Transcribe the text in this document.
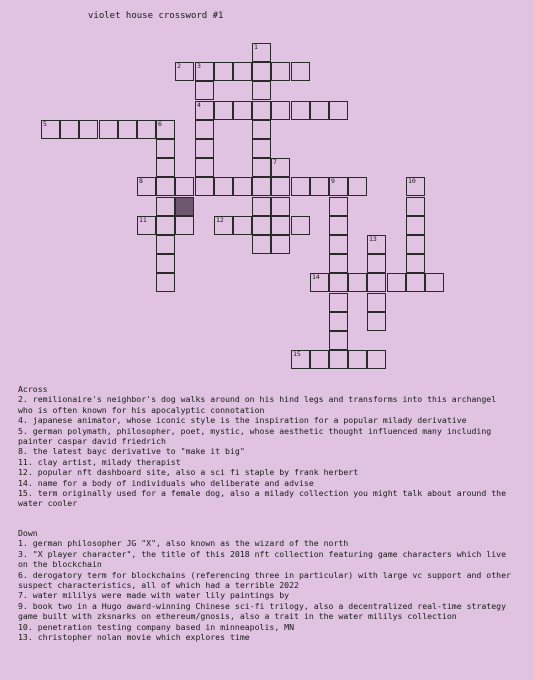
violet house crossword #1
1
2 3
4
5	6
7
8	9	10
11	12
13
14
15
Across
2. remilionaire's neighbor's dog walks around on his hind legs and transforms into this archangel who is often known for his apocalyptic connotation
4. japanese animator, whose iconic style is the inspiration for a popular milady derivative
5. german polymath, philosopher, poet, mystic, whose aesthetic thought influenced many including painter caspar david friedrich
8. the latest bayc derivative to "make it big"
11. clay artist, milady therapist
12. popular nft dashboard site, also a sci fi staple by frank herbert
14. name for a body of individuals who deliberate and advise
15. term originally used for a female dog, also a milady collection you might talk about around the water cooler
Down
1. german philosopher JG "X", also known as the wizard of the north
3. "X player character", the title of this 2018 nft collection featuring game characters which live on the blockchain
6. derogatory term for blockchains (referencing three in particular) with large vc support and other suspect characteristics, all of which had a terrible 2022
7. water mililys were made with water lily paintings by
9. book two in a Hugo award-winning Chinese sci-fi trilogy, also a decentralized real-time strategy game built with zksnarks on ethereum/gnosis, also a trait in the water mililys collection
10. penetration testing company based in minneapolis, MN
13. christopher nolan movie which explores time
